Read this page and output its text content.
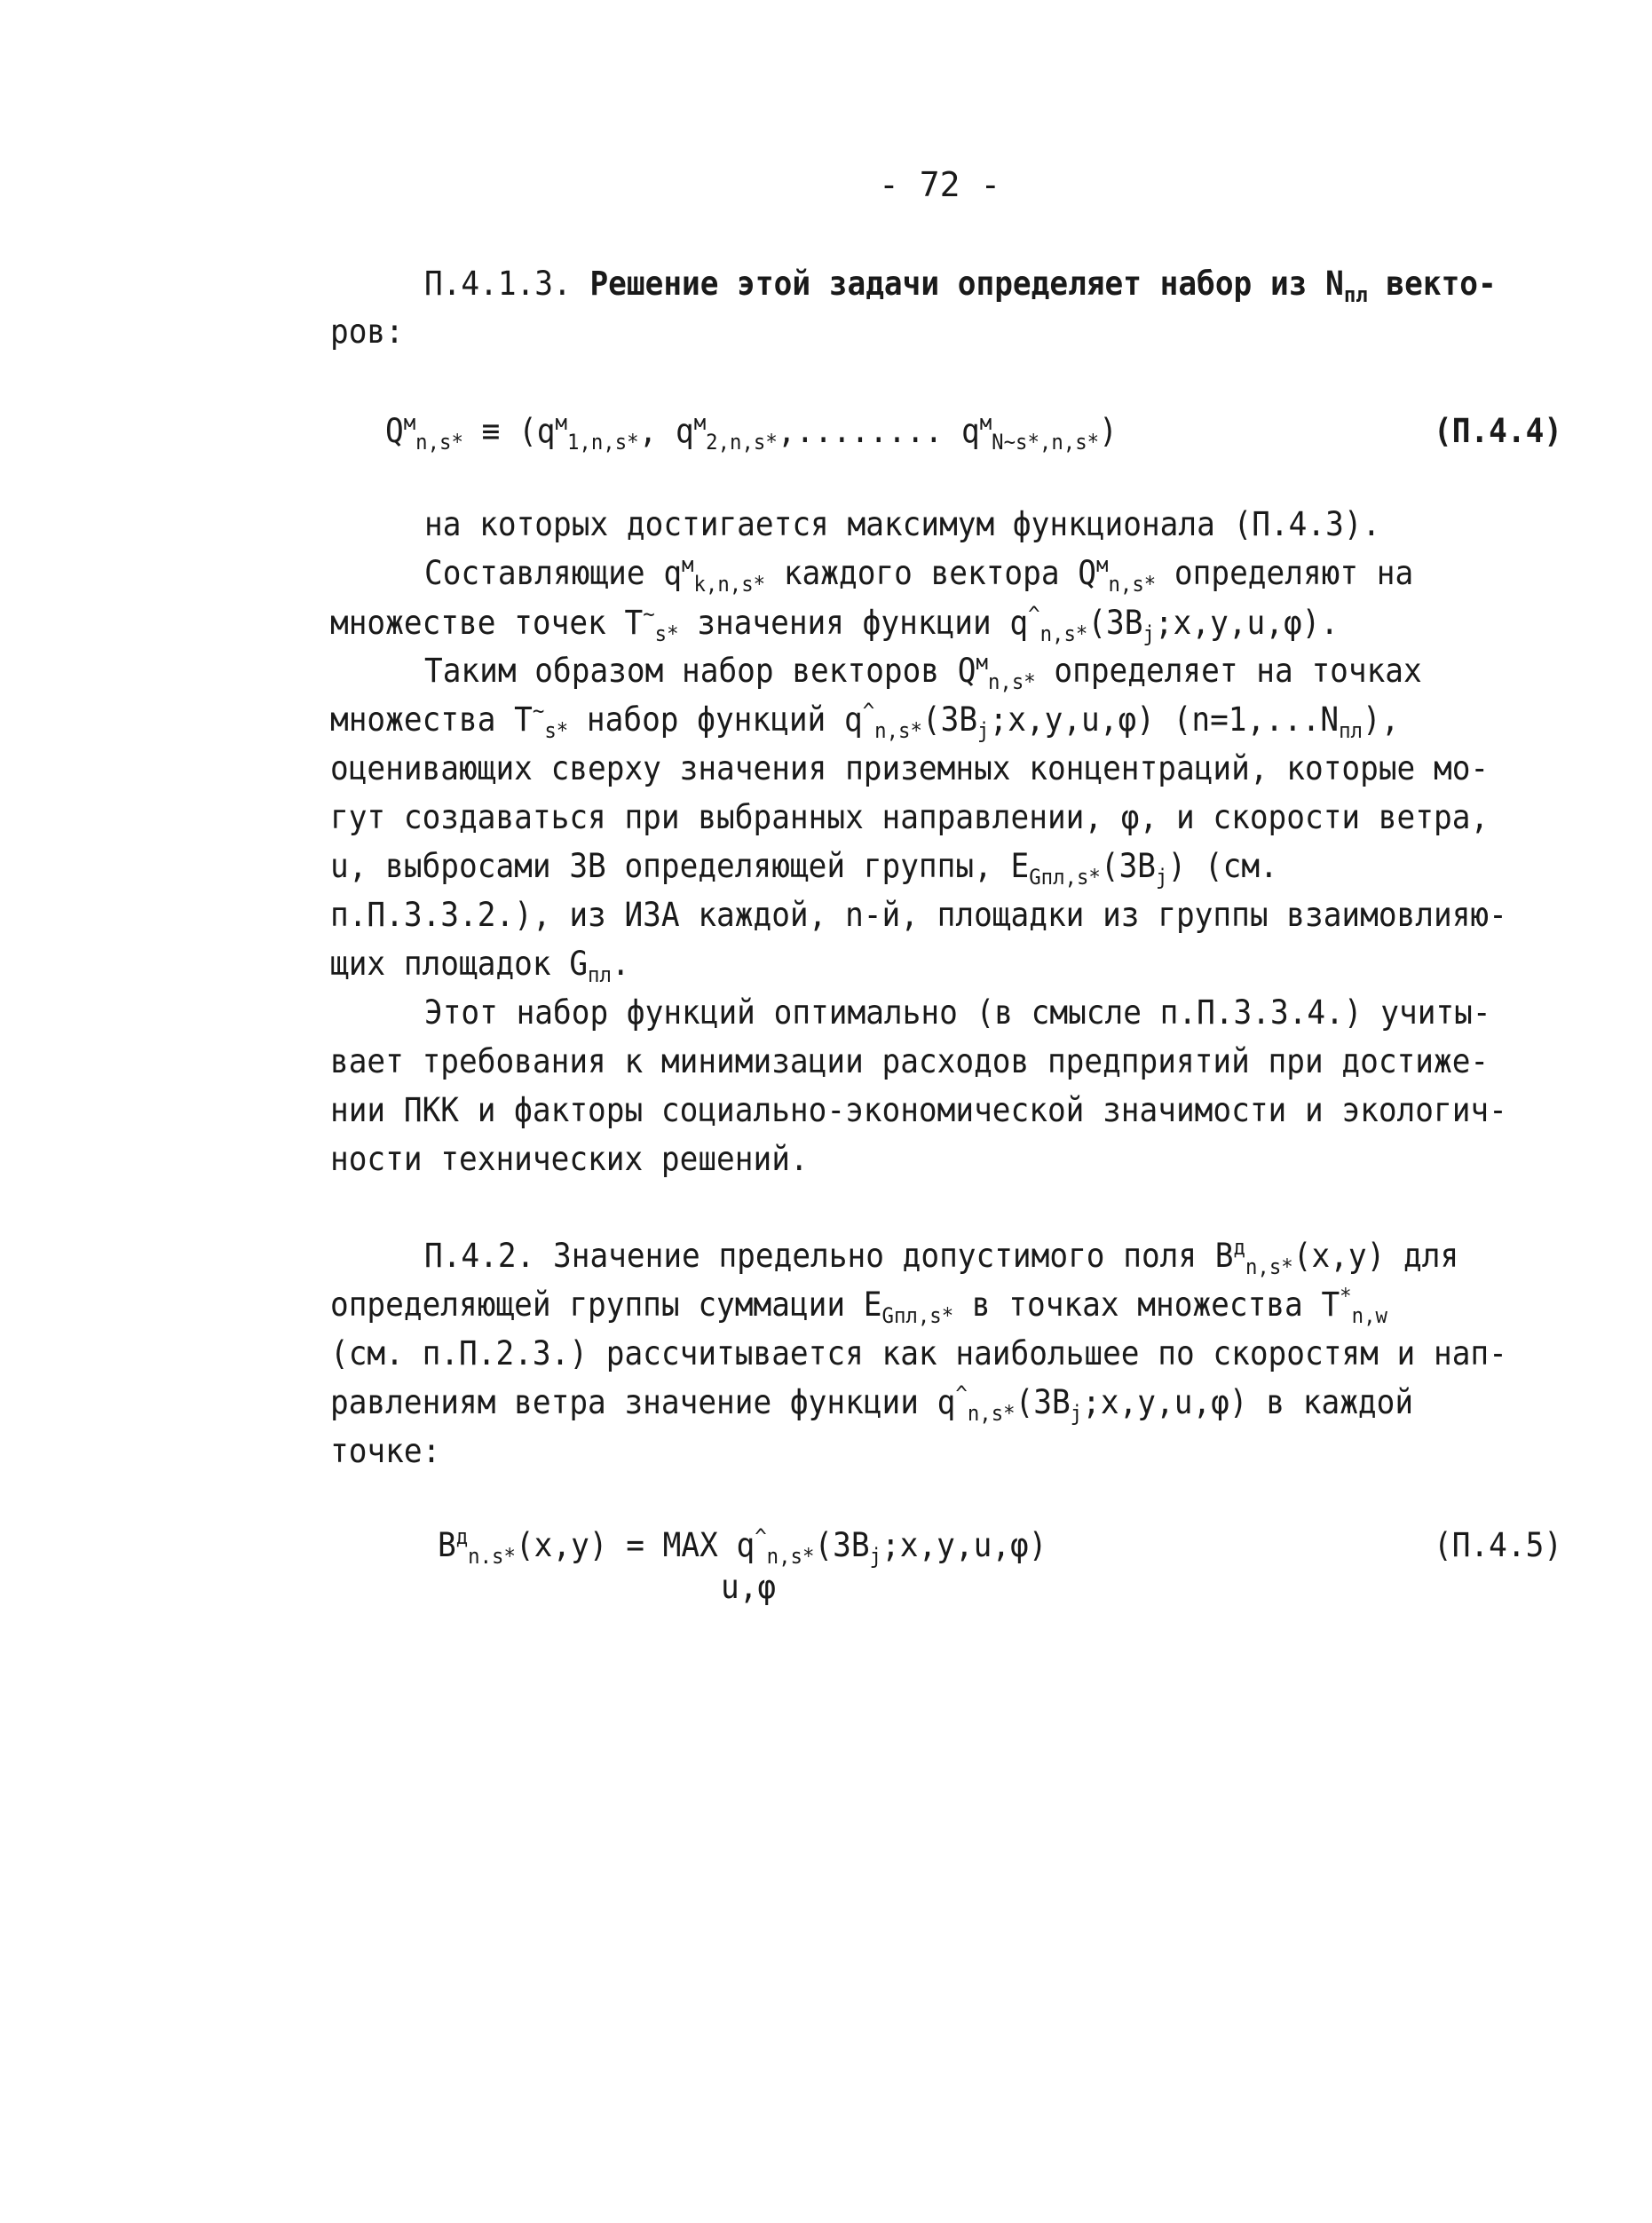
- 72 -
П.4.1.3. Решение этой задачи определяет набор из $N_{пл}$ векто-
ров:
$Q^м_{n,s*} \equiv (q^м_{1,n,s*}$, $q^м_{2,n,s*}$,........ $q^м_{N\sim s*,n,s*}$)	(П.4.4)
на которых достигается максимум функционала (П.4.3).
Составляющие $q^м_{k,n,s*}$ каждого вектора $Q^м_{n,s*}$ определяют на
множестве точек $T^\sim_{s*}$ значения функции $q^{\^{}}_{n,s*}(ЗВ_j;x,y,u,\varphi)$.
Таким образом набор векторов $Q^м_{n,s*}$ определяет на точках
множества $T^\sim_{s*}$ набор функций $q^{\^{}}_{n,s*}(ЗВ_j;x,y,u,\varphi)$ $(n=1,...N_{пл})$,
оценивающих сверху значения приземных концентраций, которые мо-
гут создаваться при выбранных направлении, φ, и скорости ветра,
u, выбросами ЗВ определяющей группы, $E_{Gпл,s*}(ЗВ_j)$ (см.
п.П.3.3.2.), из ИЗА каждой, n-й, площадки из группы взаимовлияю-
щих площадок $G_{пл}$.
Этот набор функций оптимально (в смысле п.П.3.3.4.) учиты-
вает требования к минимизации расходов предприятий при достиже-
нии ПКК и факторы социально-экономической значимости и экологич-
ности технических решений.
П.4.2. Значение предельно допустимого поля $B^д_{n,s*}(x,y)$ для
определяющей группы суммации $E_{Gпл,s*}$ в точках множества $T^*_{n,w}$
(см. п.П.2.3.) рассчитывается как наибольшее по скоростям и нап-
равлениям ветра значение функции $q^{\^{}}_{n,s*}(ЗВ_j;x,y,u,\varphi)$ в каждой
точке:
$B^д_{n.s*}(x,y)$ = MAX $q^{\^{}}_{n,s*}(ЗВ_j;x,y,u,\varphi)$
u,φ
(П.4.5)
